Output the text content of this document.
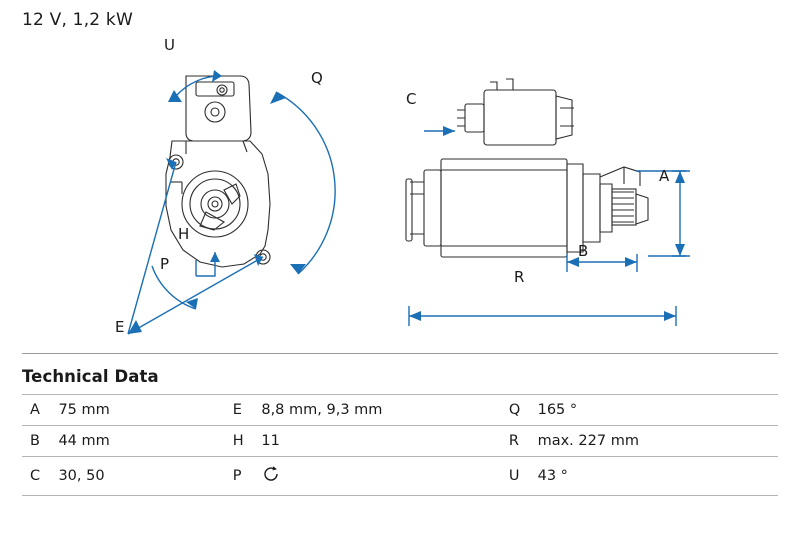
12 V, 1,2 kW
U
Q
H
P
E
C
A
B
R
Technical Data
A	75 mm	E	8,8 mm, 9,3 mm	Q	165 °
B	44 mm	H	11	R	max. 227 mm
C	30, 50	P		U	43 °
